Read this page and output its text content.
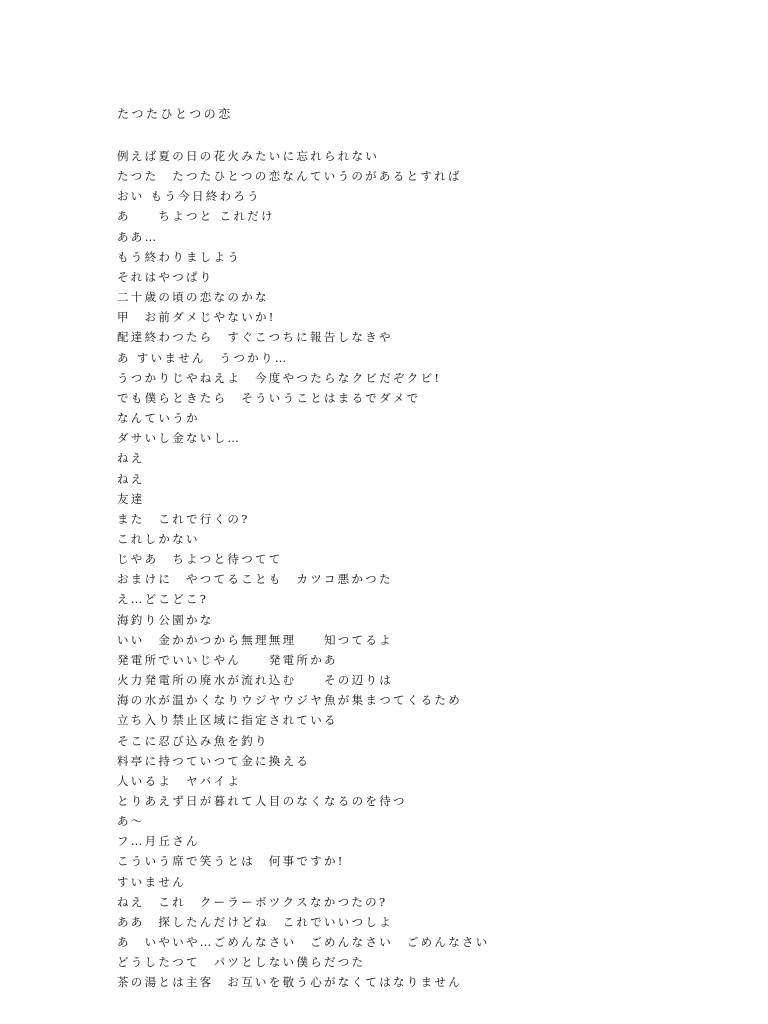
たつたひとつの恋
例えば夏の日の花火みたいに忘れられない
たつた　たつたひとつの恋なんていうのがあるとすれば
おい もう今日終わろう
あ　　ちよつと これだけ
ああ…
もう終わりましよう
それはやつぱり
二十歳の頃の恋なのかな
甲　お前ダメじやないか!
配達終わつたら　すぐこつちに報告しなきや
あ すいません　うつかり…
うつかりじやねえよ　今度やつたらなクビだぞクビ!
でも僕らときたら　そういうことはまるでダメで
なんていうか
ダサいし金ないし…
ねえ
ねえ
友達
また　これで行くの?
これしかない
じやあ　ちよつと待つてて
おまけに　やつてることも　カツコ悪かつた
え…どこどこ?
海釣り公園かな
いい　金かかつから無理無理　　知つてるよ
発電所でいいじやん　　発電所かあ
火力発電所の廃水が流れ込む　　その辺りは
海の水が温かくなりウジヤウジヤ魚が集まつてくるため
立ち入り禁止区域に指定されている
そこに忍び込み魚を釣り
料亭に持つていつて金に換える
人いるよ　ヤバイよ
とりあえず日が暮れて人目のなくなるのを待つ
あ〜
フ…月丘さん
こういう席で笑うとは　何事ですか!
すいません
ねえ　これ　クーラーボツクスなかつたの?
ああ　探したんだけどね　これでいいつしよ
あ　いやいや…ごめんなさい　ごめんなさい　ごめんなさい
どうしたつて　パツとしない僕らだつた
茶の湯とは主客　お互いを敬う心がなくてはなりません
